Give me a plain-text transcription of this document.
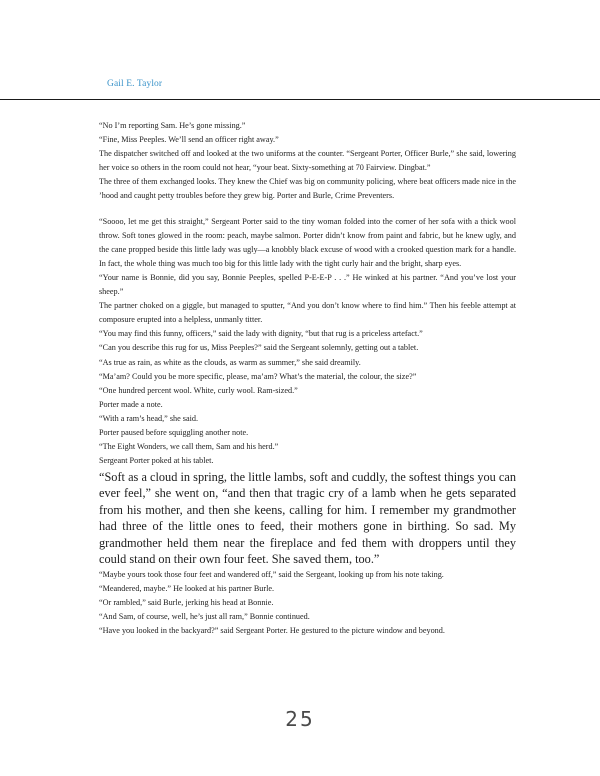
Gail E. Taylor

“No I’m reporting Sam. He’s gone missing.”

“Fine, Miss Peeples. We’ll send an officer right away.”

The dispatcher switched off and looked at the two uniforms at the counter. “Sergeant Porter, Officer Burle,” she said, lowering her voice so others in the room could not hear, “your beat. Sixty-something at 70 Fairview. Dingbat.”

The three of them exchanged looks. They knew the Chief was big on community policing, where beat officers made nice in the ’hood and caught petty troubles before they grew big. Porter and Burle, Crime Preventers.

“Soooo, let me get this straight,” Sergeant Porter said to the tiny woman folded into the corner of her sofa with a thick wool throw. Soft tones glowed in the room: peach, maybe salmon. Porter didn’t know from paint and fabric, but he knew ugly, and the cane propped beside this little lady was ugly—a knobbly black excuse of wood with a crooked question mark for a handle. In fact, the whole thing was much too big for this little lady with the tight curly hair and the bright, sharp eyes.

“Your name is Bonnie, did you say, Bonnie Peeples, spelled P-E-E-P . . .” He winked at his partner. “And you’ve lost your sheep.”

The partner choked on a giggle, but managed to sputter, “And you don’t know where to find him.” Then his feeble attempt at composure erupted into a helpless, unmanly titter.

“You may find this funny, officers,” said the lady with dignity, “but that rug is a priceless artefact.”

“Can you describe this rug for us, Miss Peeples?” said the Sergeant solemnly, getting out a tablet.

“As true as rain, as white as the clouds, as warm as summer,” she said dreamily.

“Ma’am? Could you be more specific, please, ma’am? What’s the material, the colour, the size?”

“One hundred percent wool. White, curly wool. Ram-sized.”

Porter made a note.

“With a ram’s head,” she said.

Porter paused before squiggling another note.

“The Eight Wonders, we call them, Sam and his herd.”

Sergeant Porter poked at his tablet.

“Soft as a cloud in spring, the little lambs, soft and cuddly, the softest things you can ever feel,” she went on, “and then that tragic cry of a lamb when he gets separated from his mother, and then she keens, calling for him. I remember my grandmother had three of the little ones to feed, their mothers gone in birthing. So sad. My grandmother held them near the fireplace and fed them with droppers until they could stand on their own four feet. She saved them, too.”

“Maybe yours took those four feet and wandered off,” said the Sergeant, looking up from his note taking.

“Meandered, maybe.” He looked at his partner Burle.

“Or rambled,” said Burle, jerking his head at Bonnie.

“And Sam, of course, well, he’s just all ram,” Bonnie continued.

“Have you looked in the backyard?” said Sergeant Porter. He gestured to the picture window and beyond.

25
